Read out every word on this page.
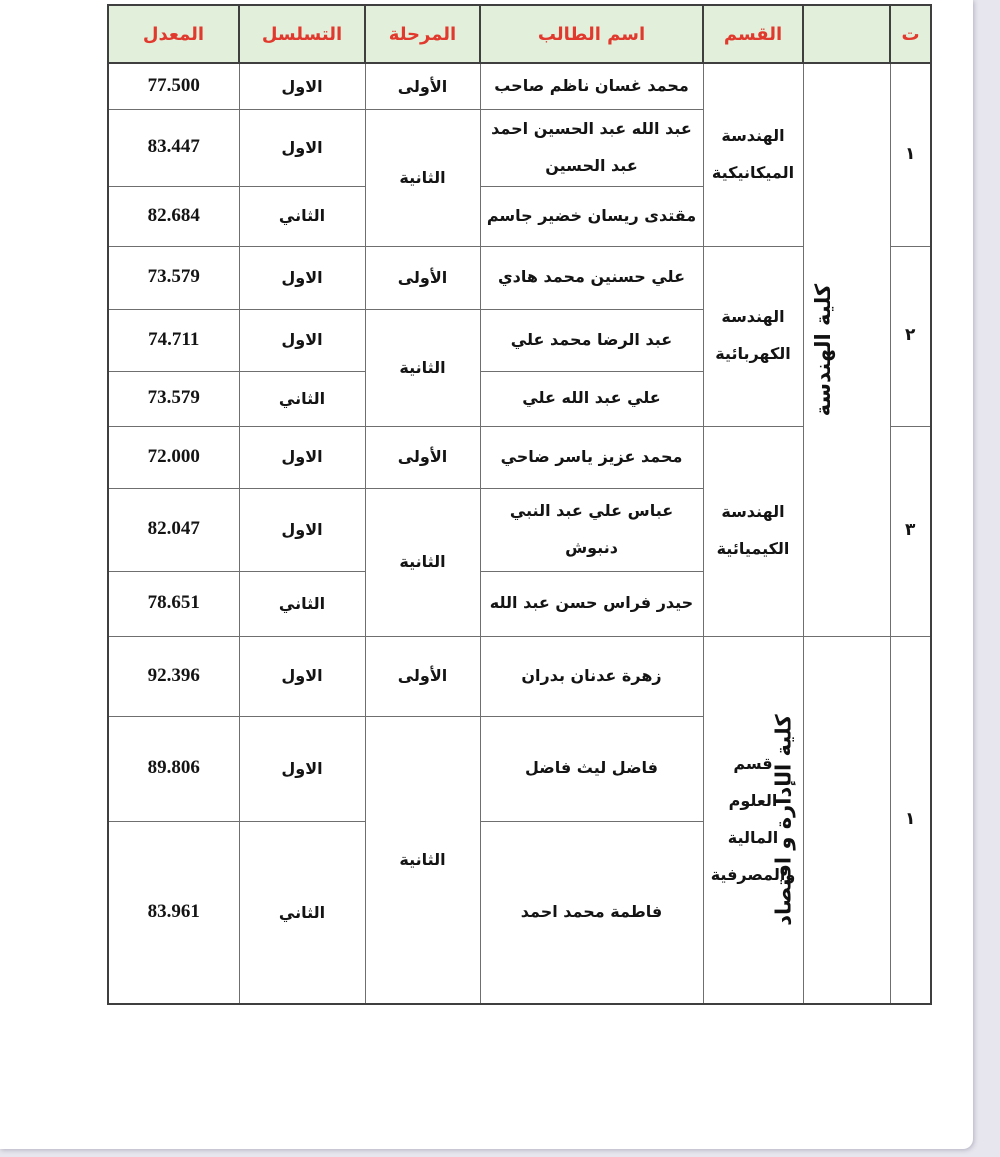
ت		القسم	اسم الطالب	المرحلة	التسلسل	المعدل
١	كلية الهندسة	الهندسة الميكانيكية	محمد غسان ناظم صاحب	الأولى	الاول	77.500
			عبد الله عبد الحسين احمد عبد الحسين	الثانية	الاول	83.447
			مقتدى ريسان خضير جاسم		الثاني	82.684
٢		الهندسة الكهربائية	علي حسنين محمد هادي	الأولى	الاول	73.579
			عبد الرضا محمد علي	الثانية	الاول	74.711
			علي عبد الله علي		الثاني	73.579
٣		الهندسة الكيميائية	محمد عزيز ياسر ضاحي	الأولى	الاول	72.000
			عباس علي عبد النبي دنبوش	الثانية	الاول	82.047
			حيدر فراس حسن عبد الله		الثاني	78.651
١	كلية الإدارة و اقتصاد	قسم العلوم المالية والمصرفية	زهرة عدنان بدران	الأولى	الاول	92.396
			فاضل ليث فاضل	الثانية	الاول	89.806
			فاطمة محمد احمد		الثاني	83.961
